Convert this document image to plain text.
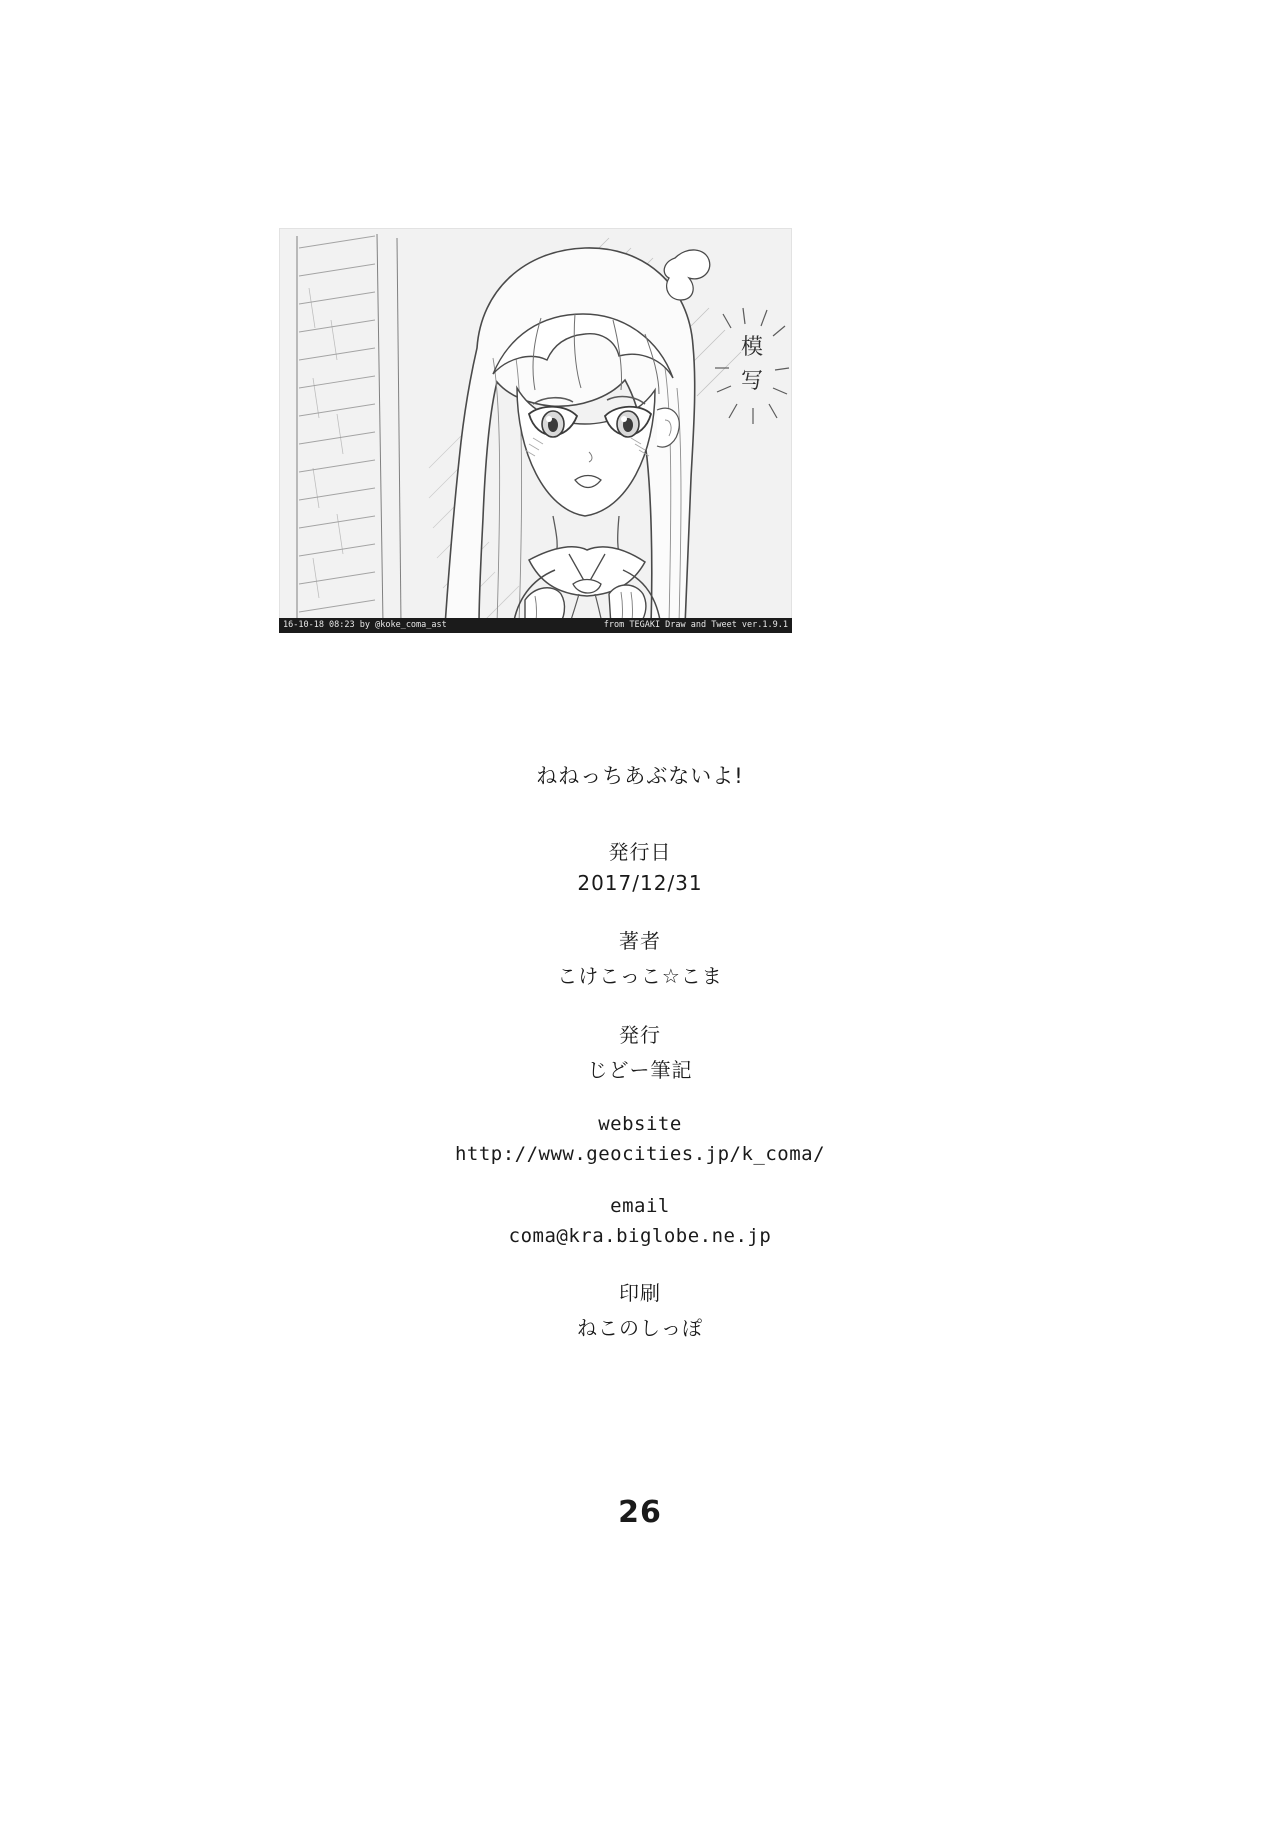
模
写
16-10-18 08:23 by @koke_coma_ast	from TEGAKI Draw and Tweet ver.1.9.1
ねねっちあぶないよ!
発行日
2017/12/31
著者
こけこっこ☆こま
発行
じどー筆記
website
http://www.geocities.jp/k_coma/
email
coma@kra.biglobe.ne.jp
印刷
ねこのしっぽ
26
